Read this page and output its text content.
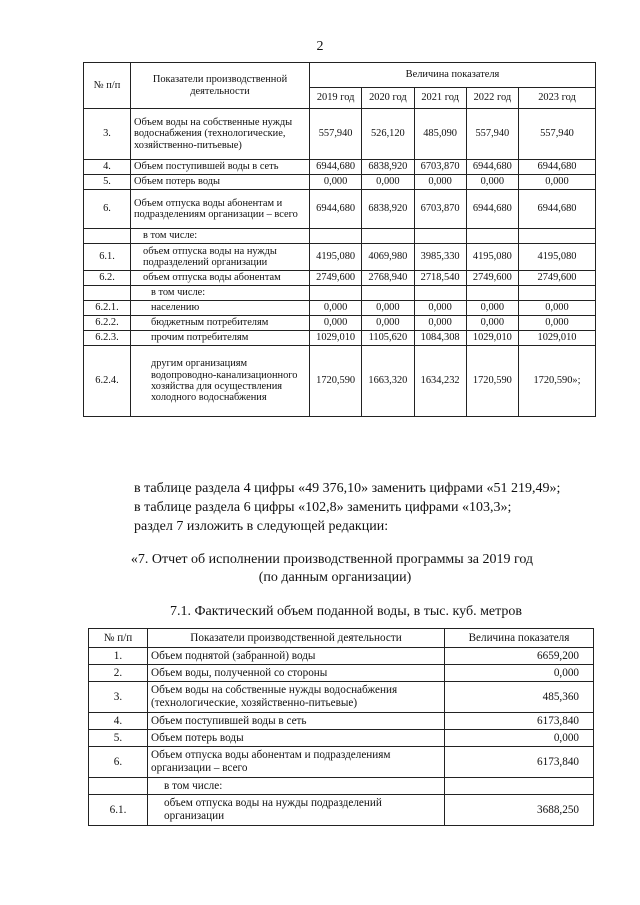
2
№ п/п	Показатели производственной деятельности	Величина показателя				
		2019 год	2020 год	2021 год	2022 год	2023 год
3.	Объем воды на собственные нужды водоснабжения (технологические, хозяйственно-питьевые)	557,940	526,120	485,090	557,940	557,940
4.	Объем поступившей воды в сеть	6944,680	6838,920	6703,870	6944,680	6944,680
5.	Объем потерь воды	0,000	0,000	0,000	0,000	0,000
6.	Объем отпуска воды абонентам и подразделениям организации – всего	6944,680	6838,920	6703,870	6944,680	6944,680
	в том числе:					
6.1.	объем отпуска воды на нужды подразделений организации	4195,080	4069,980	3985,330	4195,080	4195,080
6.2.	объем отпуска воды абонентам	2749,600	2768,940	2718,540	2749,600	2749,600
	в том числе:					
6.2.1.	населению	0,000	0,000	0,000	0,000	0,000
6.2.2.	бюджетным потребителям	0,000	0,000	0,000	0,000	0,000
6.2.3.	прочим потребителям	1029,010	1105,620	1084,308	1029,010	1029,010
6.2.4.	другим организациям водопроводно-канализационного хозяйства для осуществления холодного водоснабжения	1720,590	1663,320	1634,232	1720,590	1720,590»;
в таблице раздела 4 цифры «49 376,10» заменить цифрами «51 219,49»;
в таблице раздела 6 цифры «102,8» заменить цифрами «103,3»;
раздел 7 изложить в следующей редакции:
«7. Отчет об исполнении производственной программы за 2019 год
(по данным организации)
7.1. Фактический объем поданной воды, в тыс. куб. метров
№ п/п	Показатели производственной деятельности	Величина показателя
1.	Объем поднятой (забранной) воды	6659,200
2.	Объем воды, полученной со стороны	0,000
3.	Объем воды на собственные нужды водоснабжения (технологические, хозяйственно-питьевые)	485,360
4.	Объем поступившей воды в сеть	6173,840
5.	Объем потерь воды	0,000
6.	Объем отпуска воды абонентам и подразделениям организации – всего	6173,840
	в том числе:	
6.1.	объем отпуска воды на нужды подразделений организации	3688,250
